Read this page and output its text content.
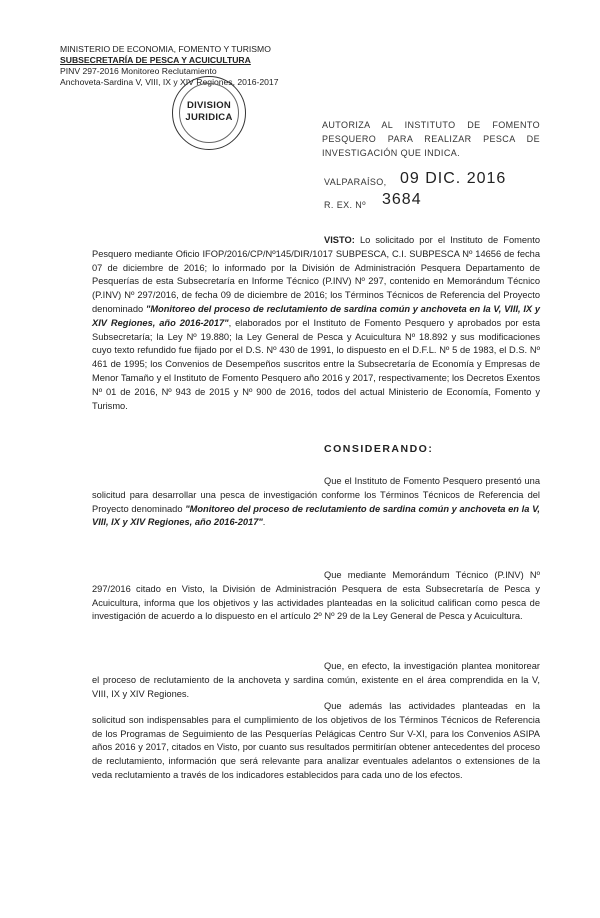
MINISTERIO DE ECONOMIA, FOMENTO Y TURISMO
SUBSECRETARÍA DE PESCA Y ACUICULTURA
PINV 297-2016 Monitoreo Reclutamiento
Anchoveta-Sardina V, VIII, IX y XIV Regiones, 2016-2017
DIVISION
JURIDICA
AUTORIZA AL INSTITUTO DE FOMENTO PESQUERO PARA REALIZAR PESCA DE INVESTIGACIÓN QUE INDICA.
VALPARAÍSO, 09 DIC. 2016
R. EX. Nº 3684
VISTO: Lo solicitado por el Instituto de Fomento Pesquero mediante Oficio IFOP/2016/CP/Nº145/DIR/1017 SUBPESCA, C.I. SUBPESCA Nº 14656 de fecha 07 de diciembre de 2016; lo informado por la División de Administración Pesquera Departamento de Pesquerías de esta Subsecretaría en Informe Técnico (P.INV) Nº 297, contenido en Memorándum Técnico (P.INV) Nº 297/2016, de fecha 09 de diciembre de 2016; los Términos Técnicos de Referencia del Proyecto denominado "Monitoreo del proceso de reclutamiento de sardina común y anchoveta en la V, VIII, IX y XIV Regiones, año 2016-2017", elaborados por el Instituto de Fomento Pesquero y aprobados por esta Subsecretaría; la Ley Nº 19.880; la Ley General de Pesca y Acuicultura Nº 18.892 y sus modificaciones cuyo texto refundido fue fijado por el D.S. Nº 430 de 1991, lo dispuesto en el D.F.L. Nº 5 de 1983, el D.S. Nº 461 de 1995; los Convenios de Desempeños suscritos entre la Subsecretaría de Economía y Empresas de Menor Tamaño y el Instituto de Fomento Pesquero año 2016 y 2017, respectivamente; los Decretos Exentos Nº 01 de 2016, Nº 943 de 2015 y Nº 900 de 2016, todos del actual Ministerio de Economía, Fomento y Turismo.
CONSIDERANDO:
Que el Instituto de Fomento Pesquero presentó una solicitud para desarrollar una pesca de investigación conforme los Términos Técnicos de Referencia del Proyecto denominado "Monitoreo del proceso de reclutamiento de sardina común y anchoveta en la V, VIII, IX y XIV Regiones, año 2016-2017".
Que mediante Memorándum Técnico (P.INV) Nº 297/2016 citado en Visto, la División de Administración Pesquera de esta Subsecretaría de Pesca y Acuicultura, informa que los objetivos y las actividades planteadas en la solicitud califican como pesca de investigación de acuerdo a lo dispuesto en el artículo 2º Nº 29 de la Ley General de Pesca y Acuicultura.
Que, en efecto, la investigación plantea monitorear el proceso de reclutamiento de la anchoveta y sardina común, existente en el área comprendida en la V, VIII, IX y XIV Regiones.
Que además las actividades planteadas en la solicitud son indispensables para el cumplimiento de los objetivos de los Términos Técnicos de Referencia de los Programas de Seguimiento de las Pesquerías Pelágicas Centro Sur V-XI, para los Convenios ASIPA años 2016 y 2017, citados en Visto, por cuanto sus resultados permitirían obtener antecedentes del proceso de reclutamiento, información que será relevante para analizar eventuales adelantos o extensiones de la veda reclutamiento a través de los indicadores establecidos para cada uno de los efectos.
